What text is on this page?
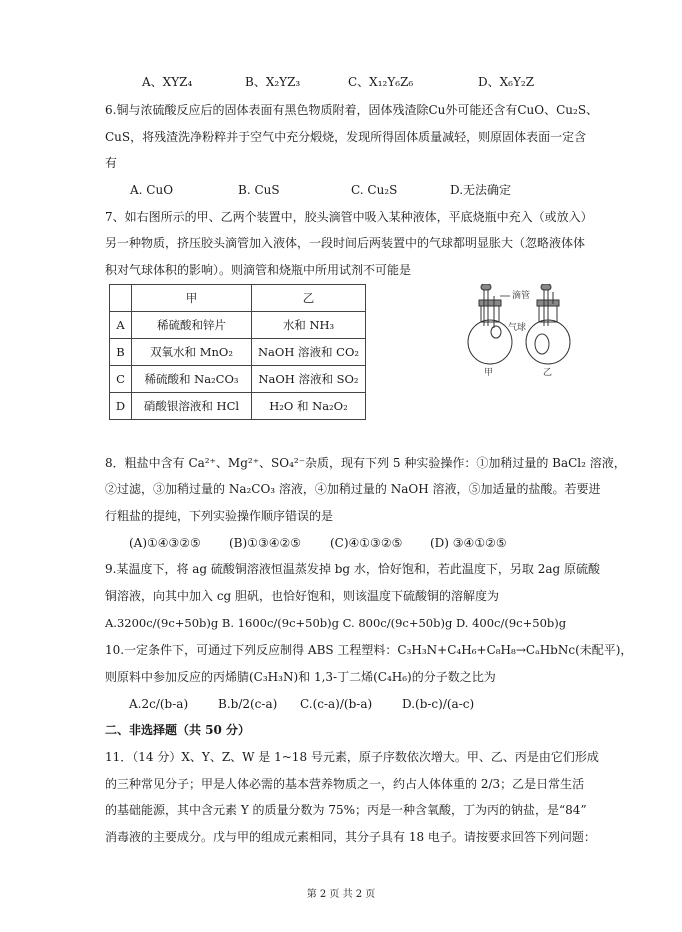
A、XYZ₄	B、X₂YZ₃	C、X₁₂Y₆Z₆	D、X₆Y₂Z
6.铜与浓硫酸反应后的固体表面有黑色物质附着，固体残渣除Cu外可能还含有CuO、Cu₂S、
CuS，将残渣洗净粉粹并于空气中充分煅烧，发现所得固体质量减轻，则原固体表面一定含
有
A. CuO	B. CuS	C. Cu₂S	D.无法确定
7、如右图所示的甲、乙两个装置中，胶头滴管中吸入某种液体，平底烧瓶中充入（或放入）
另一种物质，挤压胶头滴管加入液体，一段时间后两装置中的气球都明显胀大（忽略液体体
积对气球体积的影响）。则滴管和烧瓶中所用试剂不可能是
	甲	乙
A	稀硫酸和锌片	水和 NH₃
B	双氧水和 MnO₂	NaOH 溶液和 CO₂
C	稀硫酸和 Na₂CO₃	NaOH 溶液和 SO₂
D	硝酸银溶液和 HCl	H₂O 和 Na₂O₂
滴管
气球
甲	乙
8．粗盐中含有 Ca²⁺、Mg²⁺、SO₄²⁻杂质，现有下列 5 种实验操作：①加稍过量的 BaCl₂ 溶液，
②过滤，③加稍过量的 Na₂CO₃ 溶液，④加稍过量的 NaOH 溶液，⑤加适量的盐酸。若要进
行粗盐的提纯，下列实验操作顺序错误的是
(A)①④③②⑤ (B)①③④②⑤ (C)④①③②⑤ (D) ③④①②⑤
9.某温度下，将 ag 硫酸铜溶液恒温蒸发掉 bg 水，恰好饱和，若此温度下，另取 2ag 原硫酸
铜溶液，向其中加入 cg 胆矾，也恰好饱和，则该温度下硫酸铜的溶解度为
A.3200c/(9c+50b)g B. 1600c/(9c+50b)g C. 800c/(9c+50b)g D. 400c/(9c+50b)g
10.一定条件下，可通过下列反应制得 ABS 工程塑料：C₃H₃N+C₄H₆+C₈H₈→CₐHbNc(未配平)，
则原料中参加反应的丙烯腈(C₃H₃N)和 1,3-丁二烯(C₄H₆)的分子数之比为
A.2c/(b-a) B.b/2(c-a) C.(c-a)/(b-a) D.(b-c)/(a-c)
二、非选择题（共 50 分）
11．（14 分）X、Y、Z、W 是 1~18 号元素，原子序数依次增大。甲、乙、丙是由它们形成
的三种常见分子；甲是人体必需的基本营养物质之一，约占人体体重的 2/3；乙是日常生活
的基础能源，其中含元素 Y 的质量分数为 75%；丙是一种含氧酸，丁为丙的钠盐，是“84”
消毒液的主要成分。戊与甲的组成元素相同，其分子具有 18 电子。请按要求回答下列问题：
第 2 页 共 2 页
